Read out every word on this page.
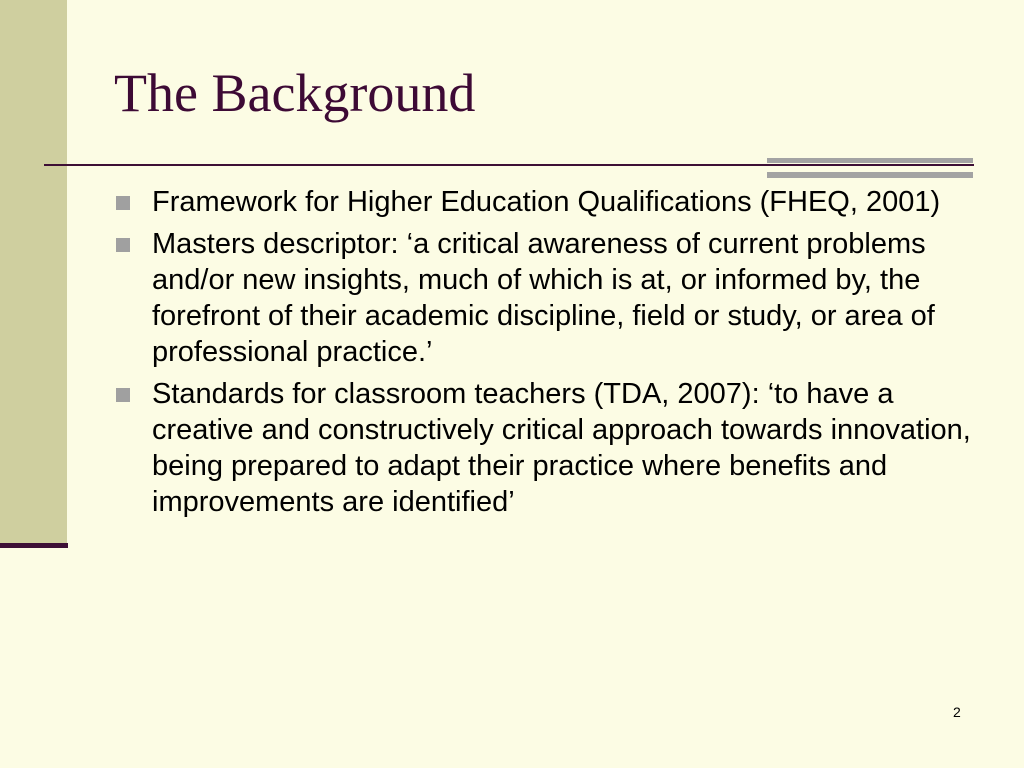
The Background
Framework for Higher Education Qualifications (FHEQ, 2001)
Masters descriptor: ‘a critical awareness of current problems and/or new insights, much of which is at, or informed by, the forefront of their academic discipline, field or study, or area of professional practice.’
Standards for classroom teachers (TDA, 2007): ‘to have a creative and constructively critical approach towards innovation, being prepared to adapt their practice where benefits and improvements are identified’
2
